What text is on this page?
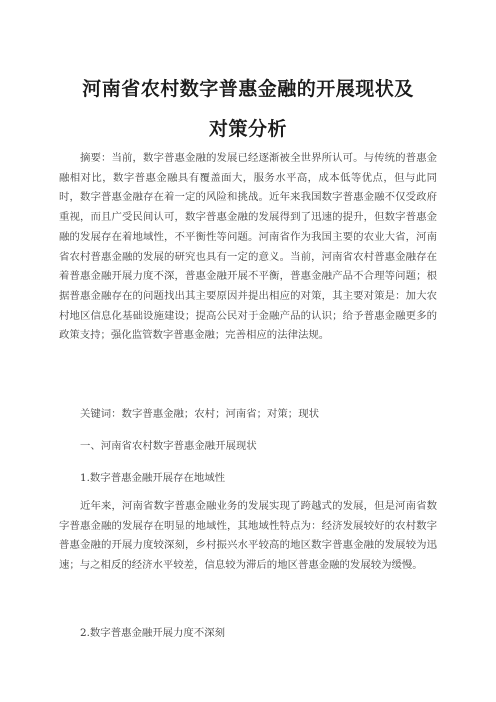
河南省农村数字普惠金融的开展现状及
对策分析

摘要：当前，数字普惠金融的发展已经逐渐被全世界所认可。与传统的普惠金融相对比，数字普惠金融具有覆盖面大，服务水平高，成本低等优点，但与此同时，数字普惠金融存在着一定的风险和挑战。近年来我国数字普惠金融不仅受政府重视，而且广受民间认可，数字普惠金融的发展得到了迅速的提升，但数字普惠金融的发展存在着地域性，不平衡性等问题。河南省作为我国主要的农业大省，河南省农村普惠金融的发展的研究也具有一定的意义。当前，河南省农村普惠金融存在着普惠金融开展力度不深，普惠金融开展不平衡，普惠金融产品不合理等问题；根据普惠金融存在的问题找出其主要原因并提出相应的对策，其主要对策是：加大农村地区信息化基础设施建设；提高公民对于金融产品的认识；给予普惠金融更多的政策支持；强化监管数字普惠金融；完善相应的法律法规。

关键词：数字普惠金融；农村；河南省；对策；现状
一、河南省农村数字普惠金融开展现状
1.数字普惠金融开展存在地域性

近年来，河南省数字普惠金融业务的发展实现了跨越式的发展，但是河南省数字普惠金融的发展存在明显的地域性，其地域性特点为：经济发展较好的农村数字普惠金融的开展力度较深刻，乡村振兴水平较高的地区数字普惠金融的发展较为迅速；与之相反的经济水平较差，信息较为滞后的地区普惠金融的发展较为缓慢。

2.数字普惠金融开展力度不深刻
